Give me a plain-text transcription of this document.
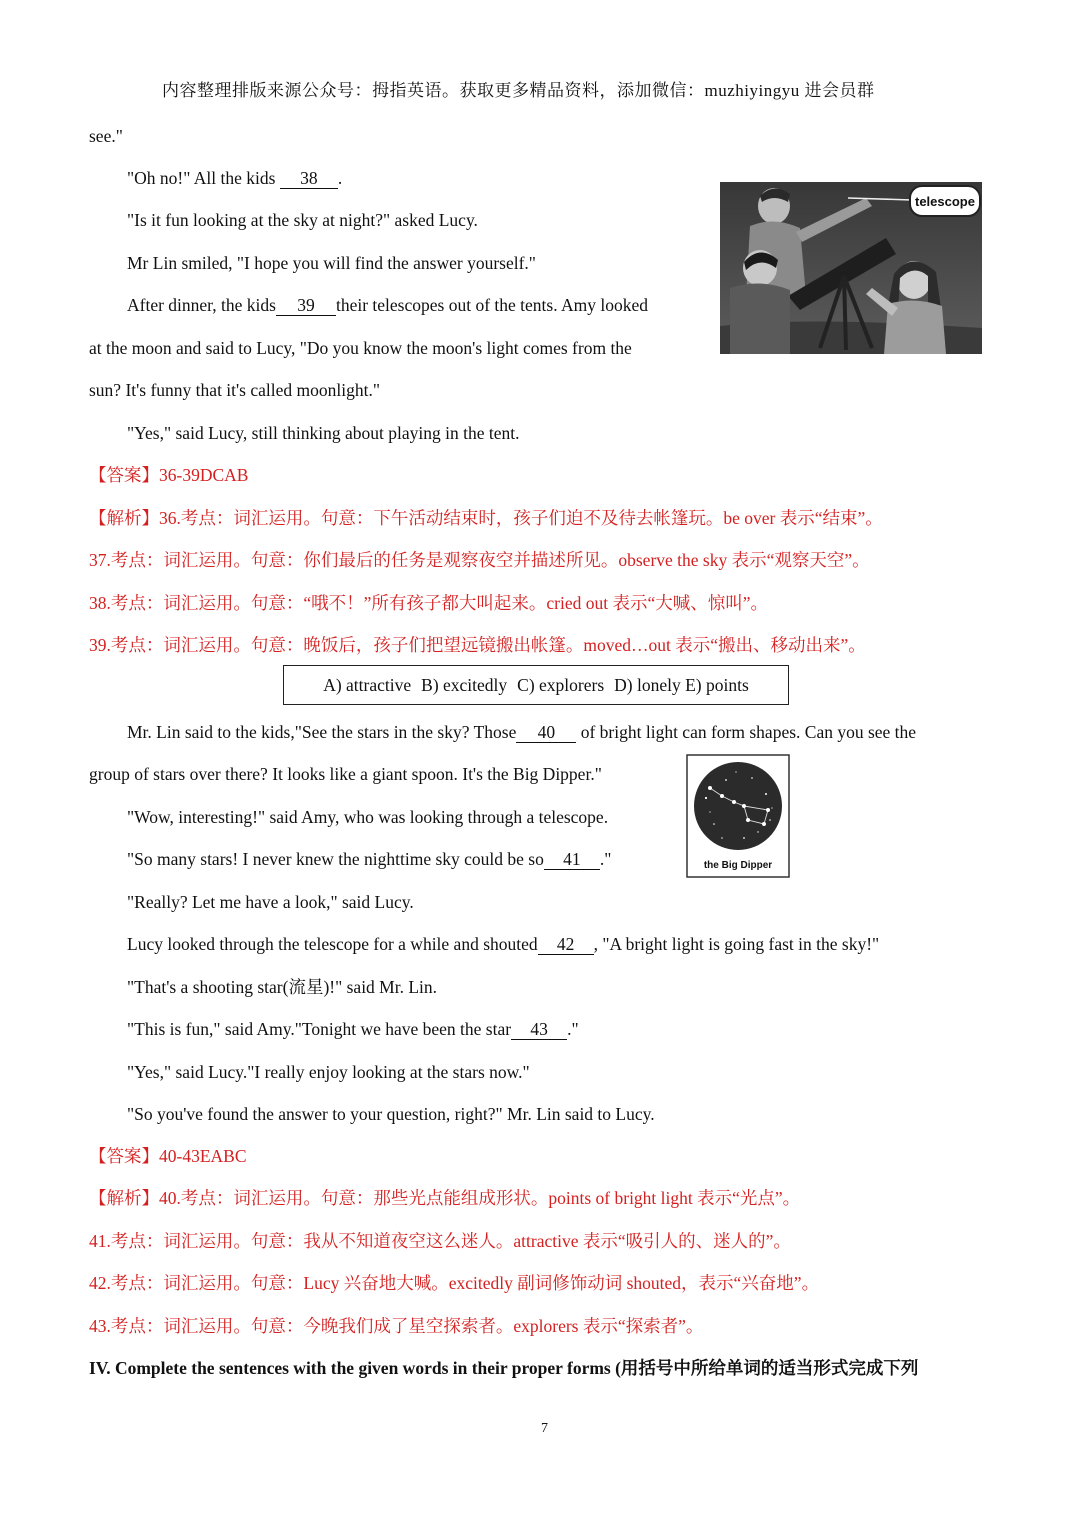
内容整理排版来源公众号：拇指英语。获取更多精品资料，添加微信：muzhiyingyu 进会员群
see."
"Oh no!" All the kids 38 .
"Is it fun looking at the sky at night?" asked Lucy.
Mr Lin smiled, "I hope you will find the answer yourself."
After dinner, the kids 39 their telescopes out of the tents. Amy looked
at the moon and said to Lucy, "Do you know the moon's light comes from the
sun? It's funny that it's called moonlight."
"Yes," said Lucy, still thinking about playing in the tent.
telescope
【答案】36-39DCAB
【解析】36.考点：词汇运用。句意：下午活动结束时，孩子们迫不及待去帐篷玩。be over 表示“结束”。
37.考点：词汇运用。句意：你们最后的任务是观察夜空并描述所见。observe the sky 表示“观察天空”。
38.考点：词汇运用。句意：“哦不！”所有孩子都大叫起来。cried out 表示“大喊、惊叫”。
39.考点：词汇运用。句意：晚饭后，孩子们把望远镜搬出帐篷。moved…out 表示“搬出、移动出来”。
A) attractive B) excitedly C) explorers D) lonely E) points
Mr. Lin said to the kids,"See the stars in the sky? Those 40 of bright light can form shapes. Can you see the
group of stars over there? It looks like a giant spoon. It's the Big Dipper."
"Wow, interesting!" said Amy, who was looking through a telescope.
"So many stars! I never knew the nighttime sky could be so 41 ."
"Really? Let me have a look," said Lucy.
Lucy looked through the telescope for a while and shouted 42 , "A bright light is going fast in the sky!"
"That's a shooting star(流星)!" said Mr. Lin.
"This is fun," said Amy."Tonight we have been the star 43 ."
"Yes," said Lucy."I really enjoy looking at the stars now."
"So you've found the answer to your question, right?" Mr. Lin said to Lucy.
the Big Dipper
【答案】40-43EABC
【解析】40.考点：词汇运用。句意：那些光点能组成形状。points of bright light 表示“光点”。
41.考点：词汇运用。句意：我从不知道夜空这么迷人。attractive 表示“吸引人的、迷人的”。
42.考点：词汇运用。句意：Lucy 兴奋地大喊。excitedly 副词修饰动词 shouted，表示“兴奋地”。
43.考点：词汇运用。句意：今晚我们成了星空探索者。explorers 表示“探索者”。
IV. Complete the sentences with the given words in their proper forms (用括号中所给单词的适当形式完成下列
7
